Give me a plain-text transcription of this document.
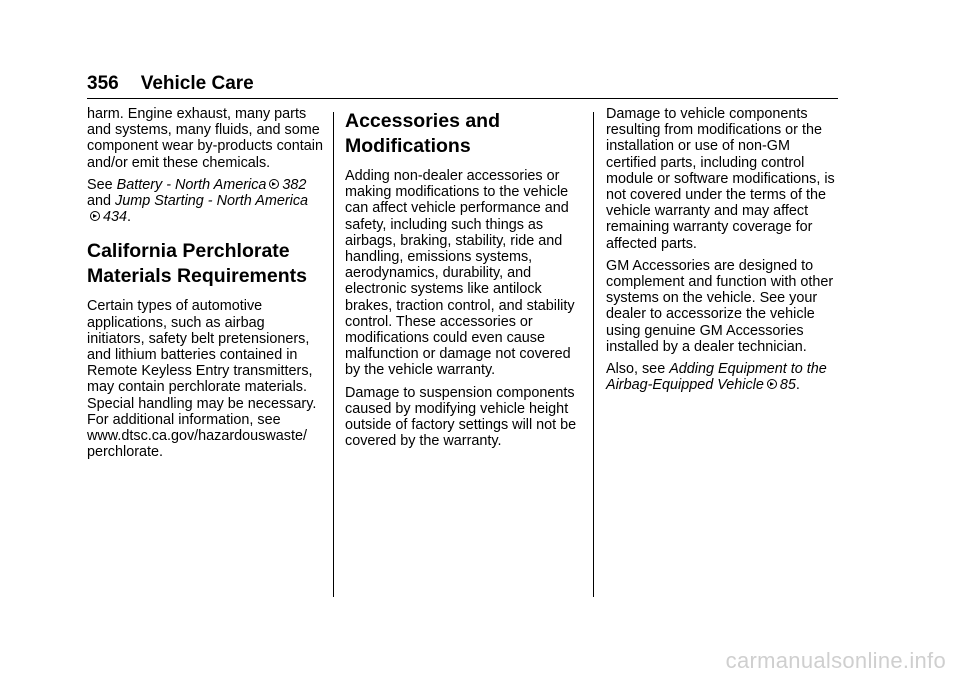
356 Vehicle Care

harm. Engine exhaust, many parts and systems, many fluids, and some component wear by-products contain and/or emit these chemicals.

See Battery - North America 382 and Jump Starting - North America434.

California Perchlorate Materials Requirements

Certain types of automotive applications, such as airbag initiators, safety belt pretensioners, and lithium batteries contained in Remote Keyless Entry transmitters, may contain perchlorate materials. Special handling may be necessary. For additional information, see www.dtsc.ca.gov/hazardouswaste/ perchlorate.

Accessories and Modifications

Adding non-dealer accessories or making modifications to the vehicle can affect vehicle performance and safety, including such things as airbags, braking, stability, ride and handling, emissions systems, aerodynamics, durability, and electronic systems like antilock brakes, traction control, and stability control. These accessories or modifications could even cause malfunction or damage not covered by the vehicle warranty.

Damage to suspension components caused by modifying vehicle height outside of factory settings will not be covered by the warranty.

Damage to vehicle components resulting from modifications or the installation or use of non-GM certified parts, including control module or software modifications, is not covered under the terms of the vehicle warranty and may affect remaining warranty coverage for affected parts.

GM Accessories are designed to complement and function with other systems on the vehicle. See your dealer to accessorize the vehicle using genuine GM Accessories installed by a dealer technician.

Also, see Adding Equipment to the Airbag-Equipped Vehicle 85.

carmanualsonline.info
